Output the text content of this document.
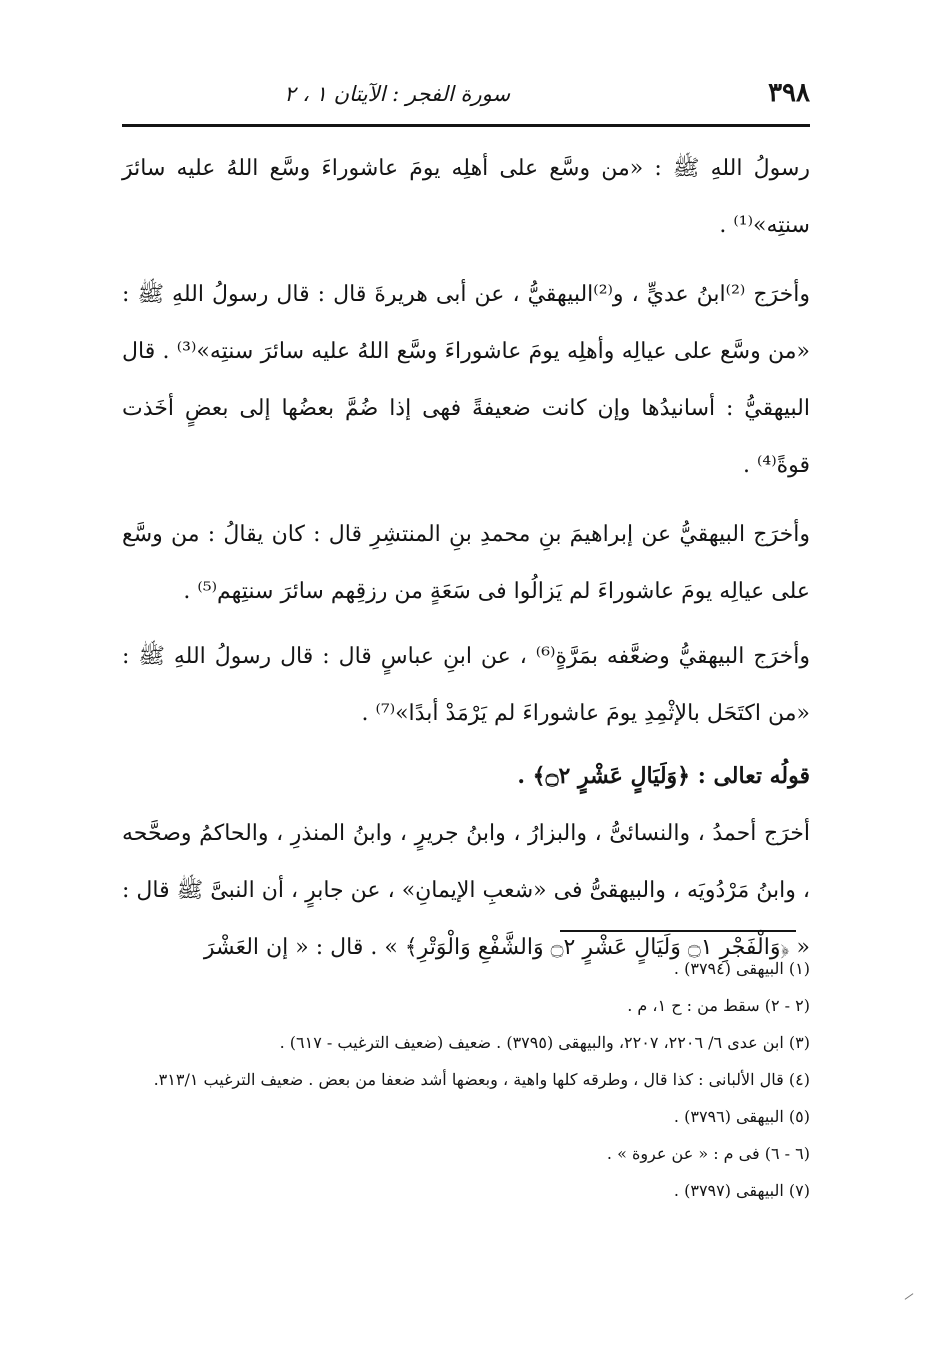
٣٩٨
سورة الفجر : الآيتان ١ ، ٢

رسولُ اللهِ ﷺ : «من وسَّع على أهلِه يومَ عاشوراءَ وسَّع اللهُ عليه سائرَ سنتِه»⁽¹⁾ .

وأخرَج ⁽²⁾ابنُ عديٍّ ، و⁽²⁾البيهقيُّ ، عن أبى هريرةَ قال : قال رسولُ اللهِ ﷺ : «من وسَّع على عيالِه وأهلِه يومَ عاشوراءَ وسَّع اللهُ عليه سائرَ سنتِه»⁽³⁾ . قال البيهقيُّ : أسانيدُها وإن كانت ضعيفةً فهى إذا ضُمَّ بعضُها إلى بعضٍ أخَذت قوةً⁽⁴⁾ .

وأخرَج البيهقيُّ عن إبراهيمَ بنِ محمدِ بنِ المنتشِرِ قال : كان يقالُ : من وسَّع على عيالِه يومَ عاشوراءَ لم يَزالُوا فى سَعَةٍ من رزقِهم سائرَ سنتِهم⁽⁵⁾ .

وأخرَج البيهقيُّ وضعَّفه بمَرَّةٍ⁽⁶⁾ ، عن ابنِ عباسٍ قال : قال رسولُ اللهِ ﷺ : «من اكتَحَل بالإثْمِدِ يومَ عاشوراءَ لم يَرْمَدْ أبدًا»⁽⁷⁾ .

قولُه تعالى : ﴿وَلَيَالٍ عَشْرٍ ۝٢﴾ .

أخرَج أحمدُ ، والنسائىُّ ، والبزارُ ، وابنُ جريرٍ ، وابنُ المنذرِ ، والحاكمُ وصحَّحه ، وابنُ مَرْدُويَه ، والبيهقىُّ فى «شعبِ الإيمانِ» ، عن جابرٍ ، أن النبىَّ ﷺ قال : « ﴿وَالْفَجْرِ ۝١ وَلَيَالٍ عَشْرٍ ۝٢ وَالشَّفْعِ وَالْوَتْرِ﴾ » . قال : « إن العَشْرَ

(١) البيهقى (٣٧٩٤) .

(٢ - ٢) سقط من : ح ١، م .

(٣) ابن عدى ٦/ ٢٢٠٦، ٢٢٠٧، والبيهقى (٣٧٩٥) . ضعيف (ضعيف الترغيب - ٦١٧) .

(٤) قال الألبانى : كذا قال ، وطرقه كلها واهية ، وبعضها أشد ضعفا من بعض . ضعيف الترغيب ٣١٣/١.

(٥) البيهقى (٣٧٩٦) .

(٦ - ٦) فى م : « عن عروة » .

(٧) البيهقى (٣٧٩٧) .
